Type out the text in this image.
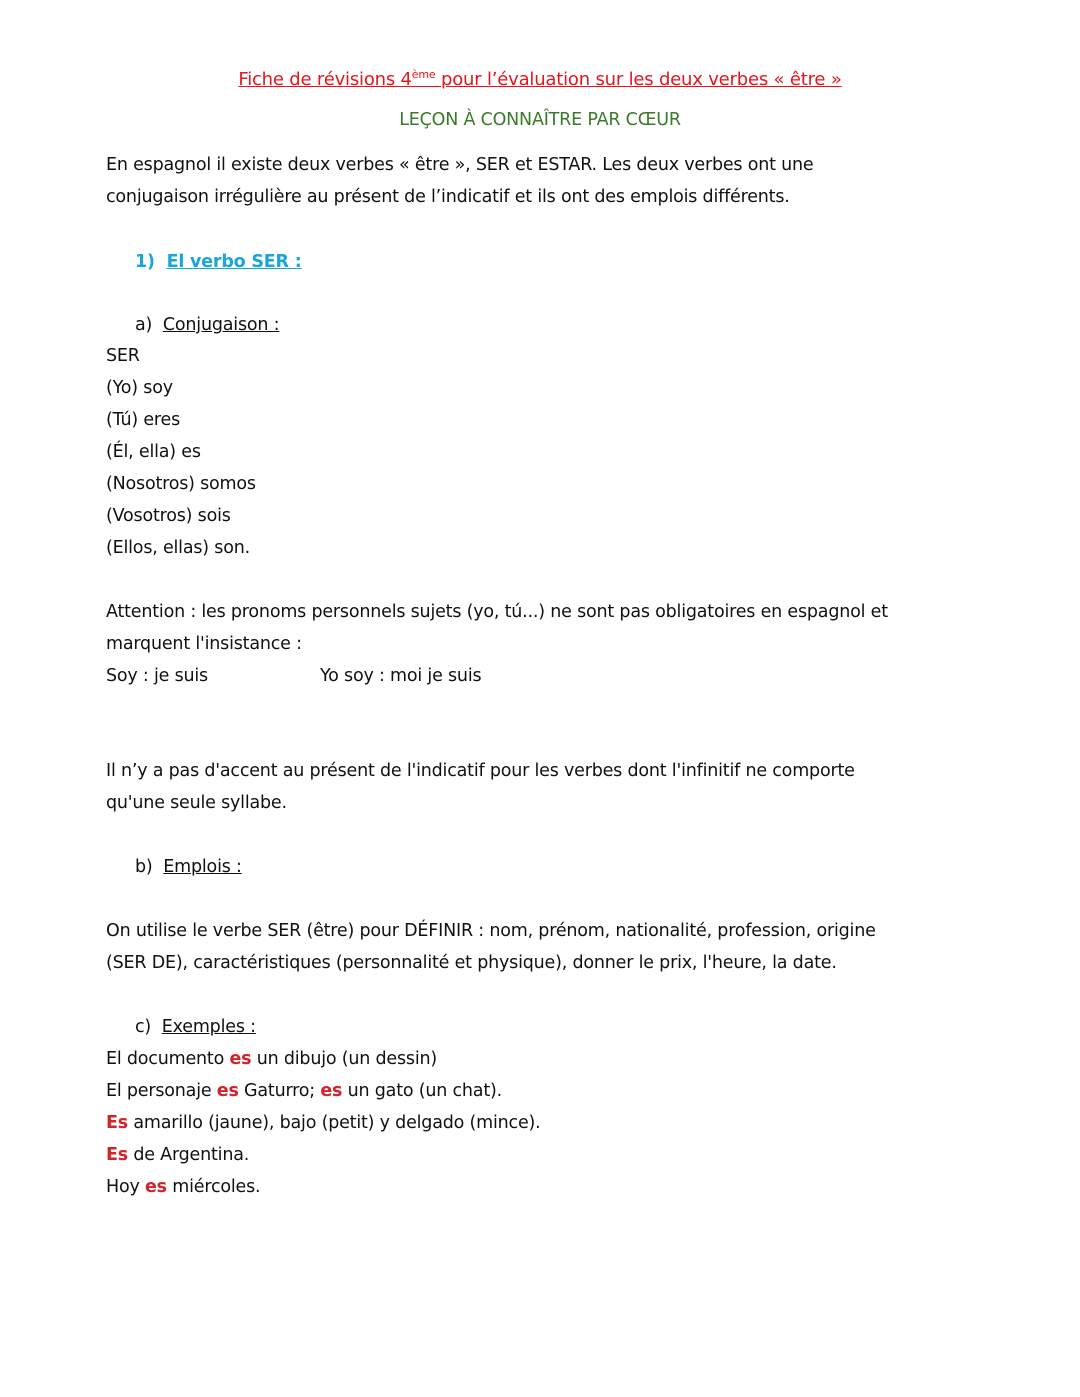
Fiche de révisions 4ème pour l’évaluation sur les deux verbes « être »
LEÇON À CONNAÎTRE PAR CŒUR
En espagnol il existe deux verbes « être », SER et ESTAR. Les deux verbes ont une
conjugaison irrégulière au présent de l’indicatif et ils ont des emplois différents.
1) El verbo SER :
a) Conjugaison :
SER
(Yo) soy
(Tú) eres
(Él, ella) es
(Nosotros) somos
(Vosotros) sois
(Ellos, ellas) son.
Attention : les pronoms personnels sujets (yo, tú...) ne sont pas obligatoires en espagnol et
marquent l'insistance :
Soy : je suis	Yo soy : moi je suis
Il n’y a pas d'accent au présent de l'indicatif pour les verbes dont l'infinitif ne comporte
qu'une seule syllabe.
b) Emplois :
On utilise le verbe SER (être) pour DÉFINIR : nom, prénom, nationalité, profession, origine
(SER DE), caractéristiques (personnalité et physique), donner le prix, l'heure, la date.
c) Exemples :
El documento es un dibujo (un dessin)
El personaje es Gaturro; es un gato (un chat).
Es amarillo (jaune), bajo (petit) y delgado (mince).
Es de Argentina.
Hoy es miércoles.
